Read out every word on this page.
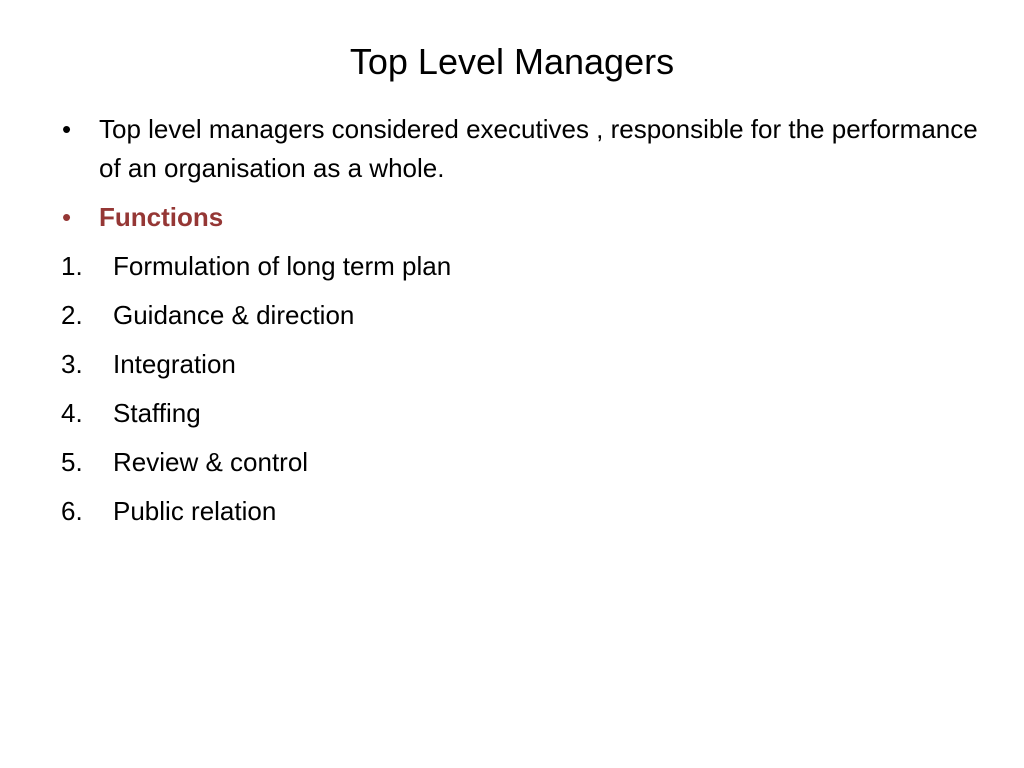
Top Level Managers
•	Top level managers considered executives , responsible for the performance of an organisation as a whole.
•	Functions
1. Formulation of long term plan
2. Guidance & direction
3. Integration
4. Staffing
5. Review & control
6. Public relation
